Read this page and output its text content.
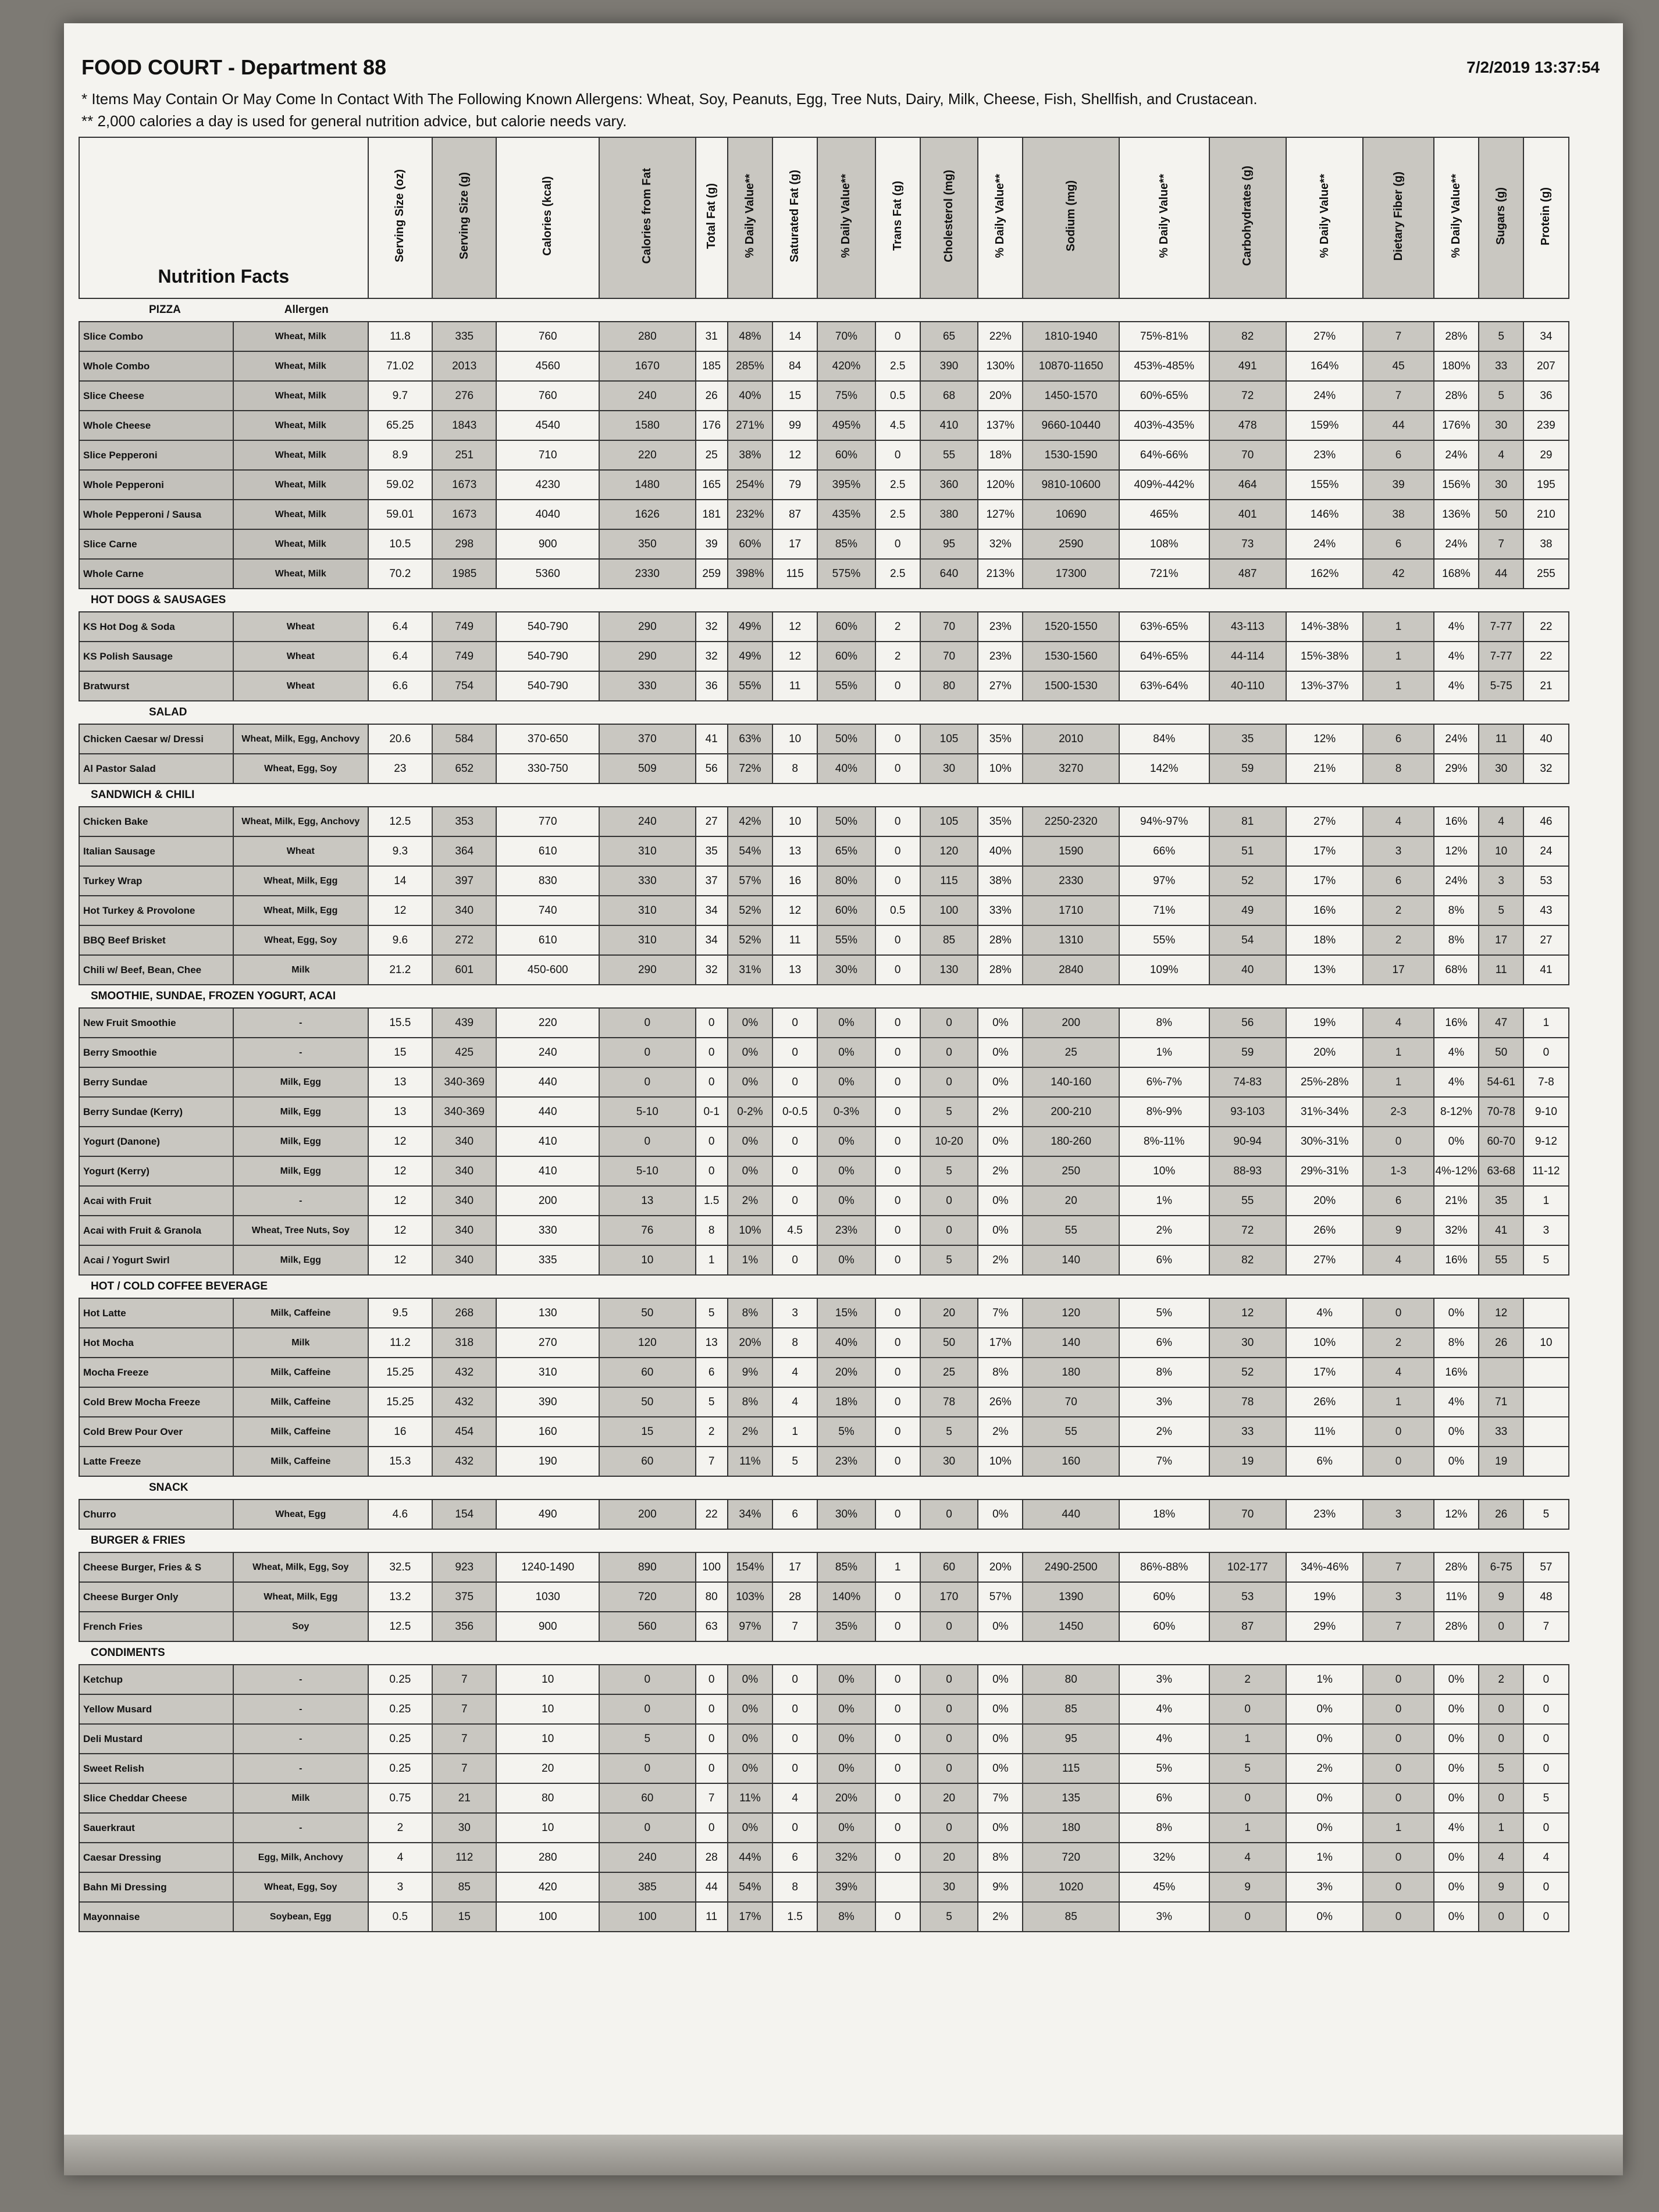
FOOD COURT - Department 88	7/2/2019 13:37:54
* Items May Contain Or May Come In Contact With The Following Known Allergens: Wheat, Soy, Peanuts, Egg, Tree Nuts, Dairy, Milk, Cheese, Fish, Shellfish, and Crustacean.
** 2,000 calories a day is used for general nutrition advice, but calorie needs vary.
Nutrition Facts		Serving Size (oz)	Serving Size (g)	Calories (kcal)	Calories from Fat	Total Fat (g)	% Daily Value**	Saturated Fat (g)	% Daily Value**	Trans Fat (g)	Cholesterol (mg)	% Daily Value**	Sodium (mg)	% Daily Value**	Carbohydrates (g)	% Daily Value**	Dietary Fiber (g)	% Daily Value**	Sugars (g)	Protein (g)
PIZZA	Allergen																			
Slice Combo	Wheat, Milk	11.8	335	760	280	31	48%	14	70%	0	65	22%	1810-1940	75%-81%	82	27%	7	28%	5	34
Whole Combo	Wheat, Milk	71.02	2013	4560	1670	185	285%	84	420%	2.5	390	130%	10870-11650	453%-485%	491	164%	45	180%	33	207
Slice Cheese	Wheat, Milk	9.7	276	760	240	26	40%	15	75%	0.5	68	20%	1450-1570	60%-65%	72	24%	7	28%	5	36
Whole Cheese	Wheat, Milk	65.25	1843	4540	1580	176	271%	99	495%	4.5	410	137%	9660-10440	403%-435%	478	159%	44	176%	30	239
Slice Pepperoni	Wheat, Milk	8.9	251	710	220	25	38%	12	60%	0	55	18%	1530-1590	64%-66%	70	23%	6	24%	4	29
Whole Pepperoni	Wheat, Milk	59.02	1673	4230	1480	165	254%	79	395%	2.5	360	120%	9810-10600	409%-442%	464	155%	39	156%	30	195
Whole Pepperoni / Sausa	Wheat, Milk	59.01	1673	4040	1626	181	232%	87	435%	2.5	380	127%	10690	465%	401	146%	38	136%	50	210
Slice Carne	Wheat, Milk	10.5	298	900	350	39	60%	17	85%	0	95	32%	2590	108%	73	24%	6	24%	7	38
Whole Carne	Wheat, Milk	70.2	1985	5360	2330	259	398%	115	575%	2.5	640	213%	17300	721%	487	162%	42	168%	44	255
HOT DOGS & SAUSAGES																				
KS Hot Dog & Soda	Wheat	6.4	749	540-790	290	32	49%	12	60%	2	70	23%	1520-1550	63%-65%	43-113	14%-38%	1	4%	7-77	22
KS Polish Sausage	Wheat	6.4	749	540-790	290	32	49%	12	60%	2	70	23%	1530-1560	64%-65%	44-114	15%-38%	1	4%	7-77	22
Bratwurst	Wheat	6.6	754	540-790	330	36	55%	11	55%	0	80	27%	1500-1530	63%-64%	40-110	13%-37%	1	4%	5-75	21
SALAD																				
Chicken Caesar w/ Dressi	Wheat, Milk, Egg, Anchovy	20.6	584	370-650	370	41	63%	10	50%	0	105	35%	2010	84%	35	12%	6	24%	11	40
Al Pastor Salad	Wheat, Egg, Soy	23	652	330-750	509	56	72%	8	40%	0	30	10%	3270	142%	59	21%	8	29%	30	32
SANDWICH & CHILI																				
Chicken Bake	Wheat, Milk, Egg, Anchovy	12.5	353	770	240	27	42%	10	50%	0	105	35%	2250-2320	94%-97%	81	27%	4	16%	4	46
Italian Sausage	Wheat	9.3	364	610	310	35	54%	13	65%	0	120	40%	1590	66%	51	17%	3	12%	10	24
Turkey Wrap	Wheat, Milk, Egg	14	397	830	330	37	57%	16	80%	0	115	38%	2330	97%	52	17%	6	24%	3	53
Hot Turkey & Provolone	Wheat, Milk, Egg	12	340	740	310	34	52%	12	60%	0.5	100	33%	1710	71%	49	16%	2	8%	5	43
BBQ Beef Brisket	Wheat, Egg, Soy	9.6	272	610	310	34	52%	11	55%	0	85	28%	1310	55%	54	18%	2	8%	17	27
Chili w/ Beef, Bean, Chee	Milk	21.2	601	450-600	290	32	31%	13	30%	0	130	28%	2840	109%	40	13%	17	68%	11	41
SMOOTHIE, SUNDAE, FROZEN YOGURT, ACAI																				
New Fruit Smoothie	-	15.5	439	220	0	0	0%	0	0%	0	0	0%	200	8%	56	19%	4	16%	47	1
Berry Smoothie	-	15	425	240	0	0	0%	0	0%	0	0	0%	25	1%	59	20%	1	4%	50	0
Berry Sundae	Milk, Egg	13	340-369	440	0	0	0%	0	0%	0	0	0%	140-160	6%-7%	74-83	25%-28%	1	4%	54-61	7-8
Berry Sundae (Kerry)	Milk, Egg	13	340-369	440	5-10	0-1	0-2%	0-0.5	0-3%	0	5	2%	200-210	8%-9%	93-103	31%-34%	2-3	8-12%	70-78	9-10
Yogurt (Danone)	Milk, Egg	12	340	410	0	0	0%	0	0%	0	10-20	0%	180-260	8%-11%	90-94	30%-31%	0	0%	60-70	9-12
Yogurt (Kerry)	Milk, Egg	12	340	410	5-10	0	0%	0	0%	0	5	2%	250	10%	88-93	29%-31%	1-3	4%-12%	63-68	11-12
Acai with Fruit	-	12	340	200	13	1.5	2%	0	0%	0	0	0%	20	1%	55	20%	6	21%	35	1
Acai with Fruit & Granola	Wheat, Tree Nuts, Soy	12	340	330	76	8	10%	4.5	23%	0	0	0%	55	2%	72	26%	9	32%	41	3
Acai / Yogurt Swirl	Milk, Egg	12	340	335	10	1	1%	0	0%	0	5	2%	140	6%	82	27%	4	16%	55	5
HOT / COLD COFFEE BEVERAGE																				
Hot Latte	Milk, Caffeine	9.5	268	130	50	5	8%	3	15%	0	20	7%	120	5%	12	4%	0	0%	12	
Hot Mocha	Milk	11.2	318	270	120	13	20%	8	40%	0	50	17%	140	6%	30	10%	2	8%	26	10
Mocha Freeze	Milk, Caffeine	15.25	432	310	60	6	9%	4	20%	0	25	8%	180	8%	52	17%	4	16%		
Cold Brew Mocha Freeze	Milk, Caffeine	15.25	432	390	50	5	8%	4	18%	0	78	26%	70	3%	78	26%	1	4%	71	
Cold Brew Pour Over	Milk, Caffeine	16	454	160	15	2	2%	1	5%	0	5	2%	55	2%	33	11%	0	0%	33	
Latte Freeze	Milk, Caffeine	15.3	432	190	60	7	11%	5	23%	0	30	10%	160	7%	19	6%	0	0%	19	
SNACK																				
Churro	Wheat, Egg	4.6	154	490	200	22	34%	6	30%	0	0	0%	440	18%	70	23%	3	12%	26	5
BURGER & FRIES																				
Cheese Burger, Fries & S	Wheat, Milk, Egg, Soy	32.5	923	1240-1490	890	100	154%	17	85%	1	60	20%	2490-2500	86%-88%	102-177	34%-46%	7	28%	6-75	57
Cheese Burger Only	Wheat, Milk, Egg	13.2	375	1030	720	80	103%	28	140%	0	170	57%	1390	60%	53	19%	3	11%	9	48
French Fries	Soy	12.5	356	900	560	63	97%	7	35%	0	0	0%	1450	60%	87	29%	7	28%	0	7
CONDIMENTS																				
Ketchup	-	0.25	7	10	0	0	0%	0	0%	0	0	0%	80	3%	2	1%	0	0%	2	0
Yellow Musard	-	0.25	7	10	0	0	0%	0	0%	0	0	0%	85	4%	0	0%	0	0%	0	0
Deli Mustard	-	0.25	7	10	5	0	0%	0	0%	0	0	0%	95	4%	1	0%	0	0%	0	0
Sweet Relish	-	0.25	7	20	0	0	0%	0	0%	0	0	0%	115	5%	5	2%	0	0%	5	0
Slice Cheddar Cheese	Milk	0.75	21	80	60	7	11%	4	20%	0	20	7%	135	6%	0	0%	0	0%	0	5
Sauerkraut	-	2	30	10	0	0	0%	0	0%	0	0	0%	180	8%	1	0%	1	4%	1	0
Caesar Dressing	Egg, Milk, Anchovy	4	112	280	240	28	44%	6	32%	0	20	8%	720	32%	4	1%	0	0%	4	4
Bahn Mi Dressing	Wheat, Egg, Soy	3	85	420	385	44	54%	8	39%		30	9%	1020	45%	9	3%	0	0%	9	0
Mayonnaise	Soybean, Egg	0.5	15	100	100	11	17%	1.5	8%	0	5	2%	85	3%	0	0%	0	0%	0	0
